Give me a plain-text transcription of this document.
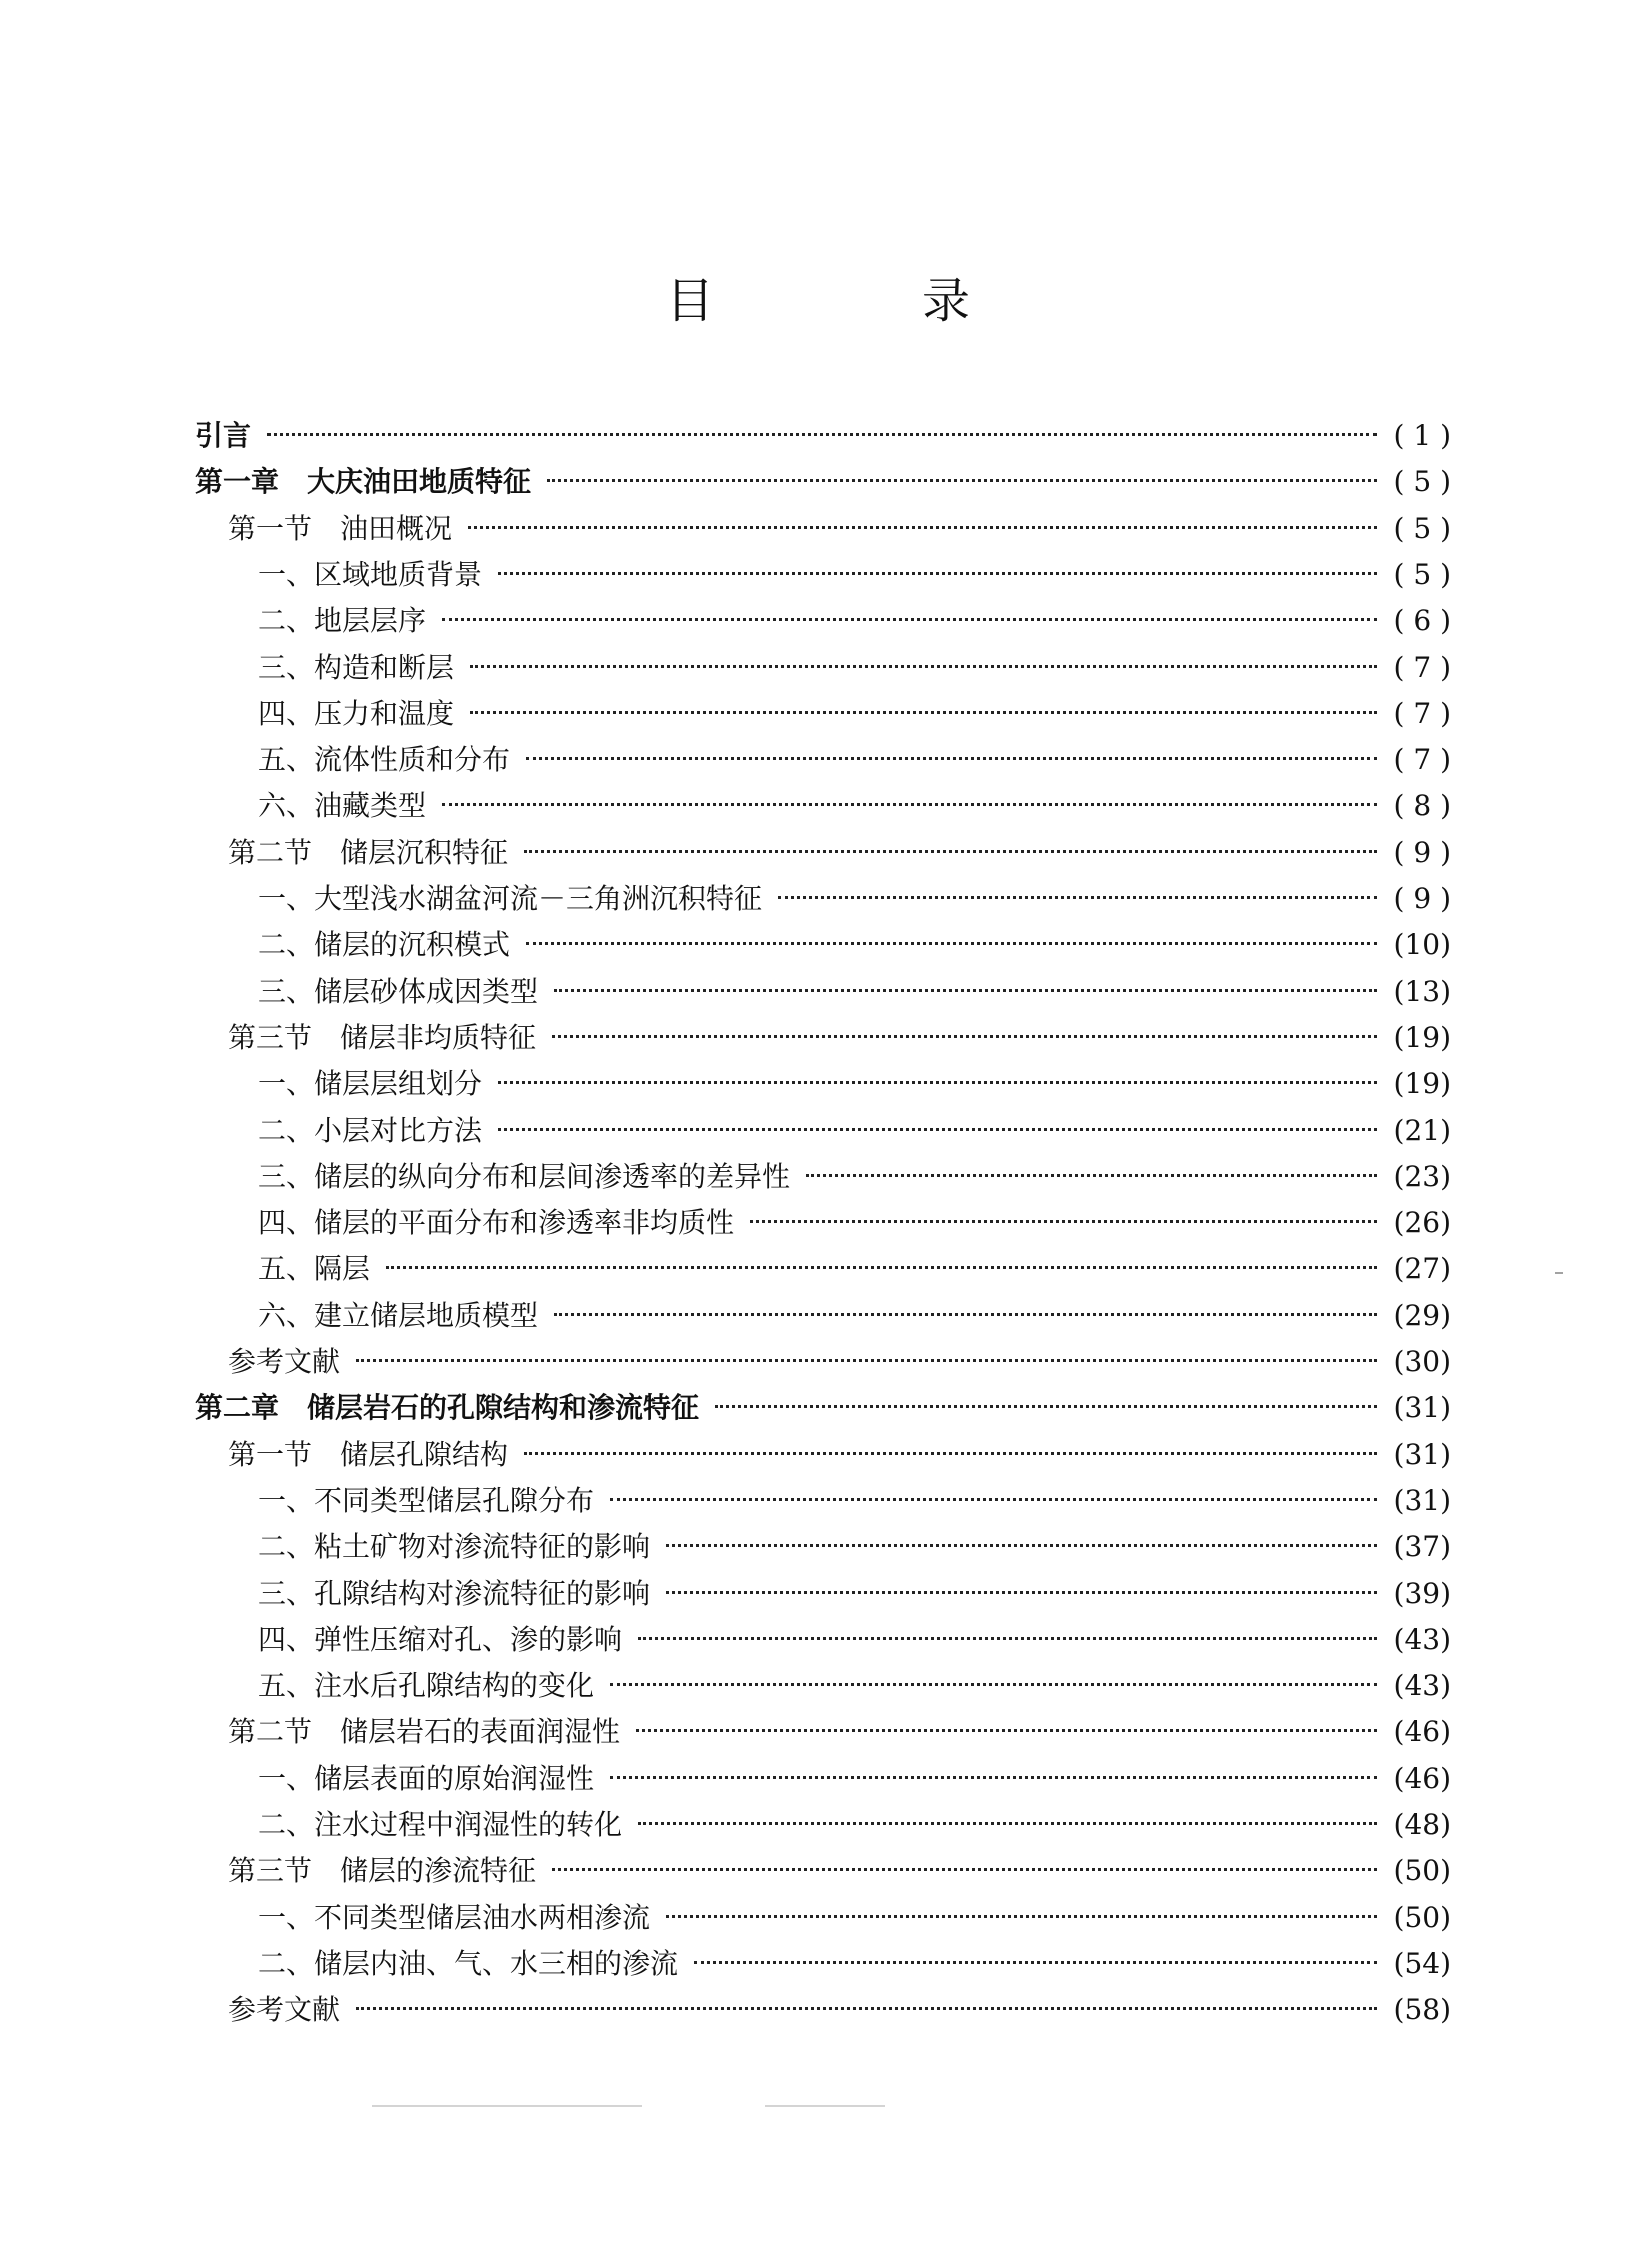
目　录
引言	( 1 )
第一章　大庆油田地质特征	( 5 )
第一节　油田概况	( 5 )
一、区域地质背景	( 5 )
二、地层层序	( 6 )
三、构造和断层	( 7 )
四、压力和温度	( 7 )
五、流体性质和分布	( 7 )
六、油藏类型	( 8 )
第二节　储层沉积特征	( 9 )
一、大型浅水湖盆河流－三角洲沉积特征	( 9 )
二、储层的沉积模式	(10)
三、储层砂体成因类型	(13)
第三节　储层非均质特征	(19)
一、储层层组划分	(19)
二、小层对比方法	(21)
三、储层的纵向分布和层间渗透率的差异性	(23)
四、储层的平面分布和渗透率非均质性	(26)
五、隔层	(27)
六、建立储层地质模型	(29)
参考文献	(30)
第二章　储层岩石的孔隙结构和渗流特征	(31)
第一节　储层孔隙结构	(31)
一、不同类型储层孔隙分布	(31)
二、粘土矿物对渗流特征的影响	(37)
三、孔隙结构对渗流特征的影响	(39)
四、弹性压缩对孔、渗的影响	(43)
五、注水后孔隙结构的变化	(43)
第二节　储层岩石的表面润湿性	(46)
一、储层表面的原始润湿性	(46)
二、注水过程中润湿性的转化	(48)
第三节　储层的渗流特征	(50)
一、不同类型储层油水两相渗流	(50)
二、储层内油、气、水三相的渗流	(54)
参考文献	(58)
